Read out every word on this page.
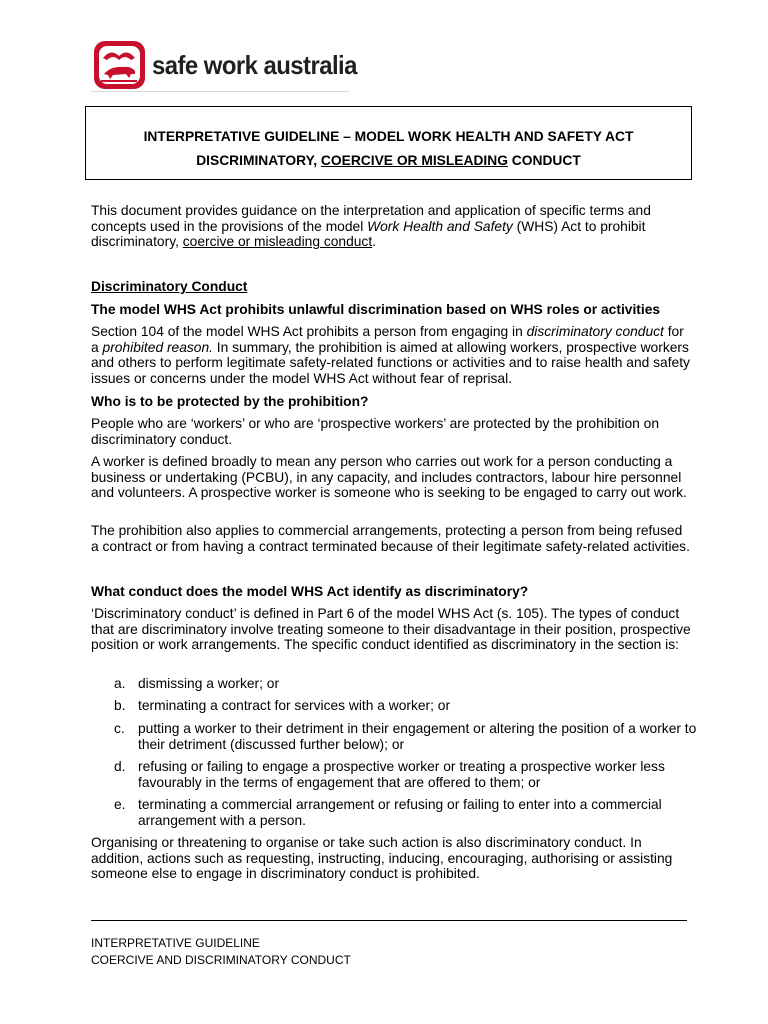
safe work australia
INTERPRETATIVE GUIDELINE – MODEL WORK HEALTH AND SAFETY ACT
DISCRIMINATORY, COERCIVE OR MISLEADING CONDUCT
This document provides guidance on the interpretation and application of specific terms and concepts used in the provisions of the model Work Health and Safety (WHS) Act to prohibit discriminatory, coercive or misleading conduct.
Discriminatory Conduct
The model WHS Act prohibits unlawful discrimination based on WHS roles or activities
Section 104 of the model WHS Act prohibits a person from engaging in discriminatory conduct for a prohibited reason. In summary, the prohibition is aimed at allowing workers, prospective workers and others to perform legitimate safety-related functions or activities and to raise health and safety issues or concerns under the model WHS Act without fear of reprisal.
Who is to be protected by the prohibition?
People who are ‘workers’ or who are ‘prospective workers’ are protected by the prohibition on discriminatory conduct.
A worker is defined broadly to mean any person who carries out work for a person conducting a business or undertaking (PCBU), in any capacity, and includes contractors, labour hire personnel and volunteers. A prospective worker is someone who is seeking to be engaged to carry out work.
The prohibition also applies to commercial arrangements, protecting a person from being refused a contract or from having a contract terminated because of their legitimate safety-related activities.
What conduct does the model WHS Act identify as discriminatory?
‘Discriminatory conduct’ is defined in Part 6 of the model WHS Act (s. 105). The types of conduct that are discriminatory involve treating someone to their disadvantage in their position, prospective position or work arrangements. The specific conduct identified as discriminatory in the section is:
a. dismissing a worker; or
b. terminating a contract for services with a worker; or
c. putting a worker to their detriment in their engagement or altering the position of a worker to their detriment (discussed further below); or
d. refusing or failing to engage a prospective worker or treating a prospective worker less favourably in the terms of engagement that are offered to them; or
e. terminating a commercial arrangement or refusing or failing to enter into a commercial arrangement with a person.
Organising or threatening to organise or take such action is also discriminatory conduct. In addition, actions such as requesting, instructing, inducing, encouraging, authorising or assisting someone else to engage in discriminatory conduct is prohibited.
INTERPRETATIVE GUIDELINE
COERCIVE AND DISCRIMINATORY CONDUCT
